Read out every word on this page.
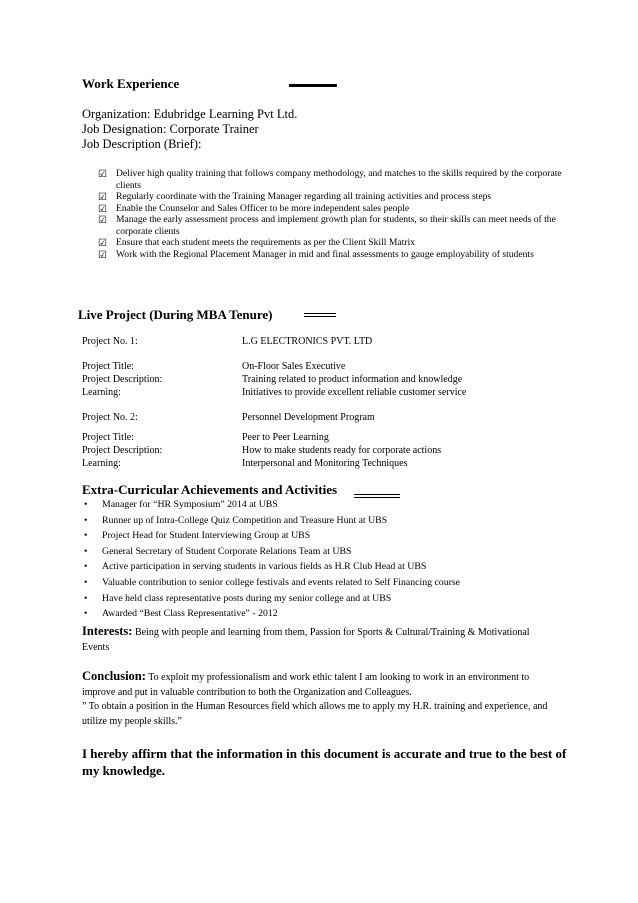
Work Experience
Organization: Edubridge Learning Pvt Ltd.
Job Designation: Corporate Trainer
Job Description (Brief):
☑ Deliver high quality training that follows company methodology, and matches to the skills required by the corporate clients
☑ Regularly coordinate with the Training Manager regarding all training activities and process steps
☑ Enable the Counselor and Sales Officer to be more independent sales people
☑ Manage the early assessment process and implement growth plan for students, so their skills can meet needs of the corporate clients
☑ Ensure that each student meets the requirements as per the Client Skill Matrix
☑ Work with the Regional Placement Manager in mid and final assessments to gauge employability of students
Live Project (During MBA Tenure)
Project No. 1:	L.G ELECTRONICS PVT. LTD
Project Title:	On-Floor Sales Executive
Project Description:	Training related to product information and knowledge
Learning:	Initiatives to provide excellent reliable customer service
Project No. 2:	Personnel Development Program
Project Title:	Peer to Peer Learning
Project Description:	How to make students ready for corporate actions
Learning:	Interpersonal and Monitoring Techniques
Extra-Curricular Achievements and Activities
• Manager for “HR Symposium” 2014 at UBS
• Runner up of Intra-College Quiz Competition and Treasure Hunt at UBS
• Project Head for Student Interviewing Group at UBS
• General Secretary of Student Corporate Relations Team at UBS
• Active participation in serving students in various fields as H.R Club Head at UBS
• Valuable contribution to senior college festivals and events related to Self Financing course
• Have held class representative posts during my senior college and at UBS
• Awarded “Best Class Representative” - 2012
Interests: Being with people and learning from them, Passion for Sports & Cultural/Training & Motivational Events
Conclusion: To exploit my professionalism and work ethic talent I am looking to work in an environment to improve and put in valuable contribution to both the Organization and Colleagues.
” To obtain a position in the Human Resources field which allows me to apply my H.R. training and experience, and utilize my people skills.”
I hereby affirm that the information in this document is accurate and true to the best of my knowledge.
